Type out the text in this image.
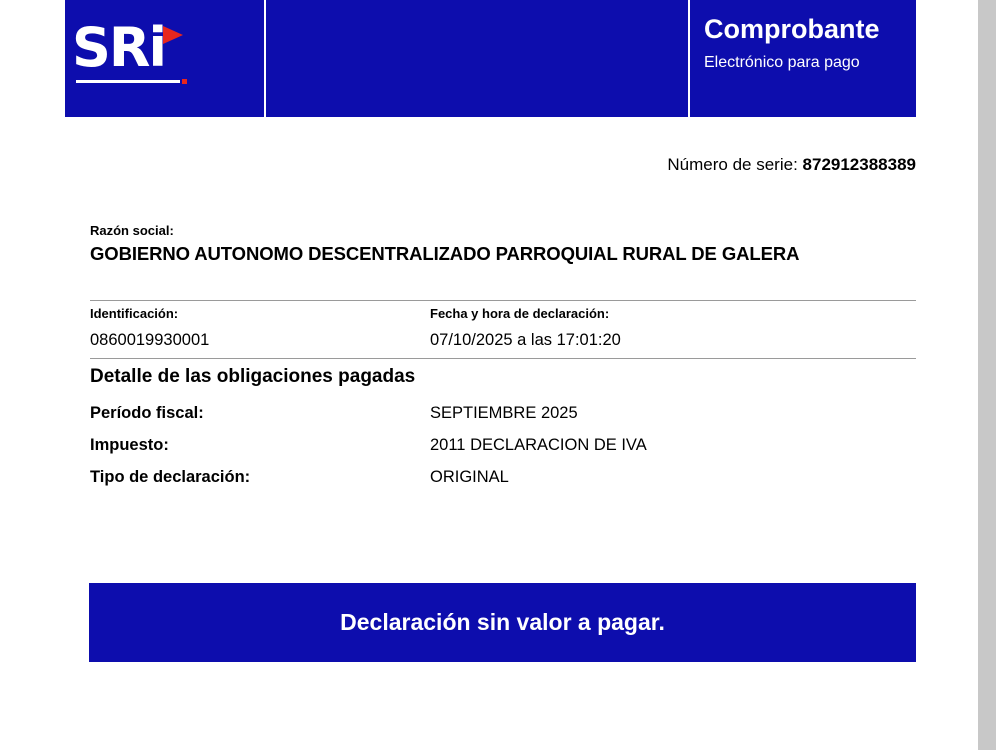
SRi	Comprobante
Electrónico para pago
Número de serie: 872912388389
Razón social:
GOBIERNO AUTONOMO DESCENTRALIZADO PARROQUIAL RURAL DE GALERA
Identificación:	Fecha y hora de declaración:
0860019930001	07/10/2025 a las 17:01:20
Detalle de las obligaciones pagadas
Período fiscal:	SEPTIEMBRE 2025
Impuesto:	2011 DECLARACION DE IVA
Tipo de declaración:	ORIGINAL
Declaración sin valor a pagar.
